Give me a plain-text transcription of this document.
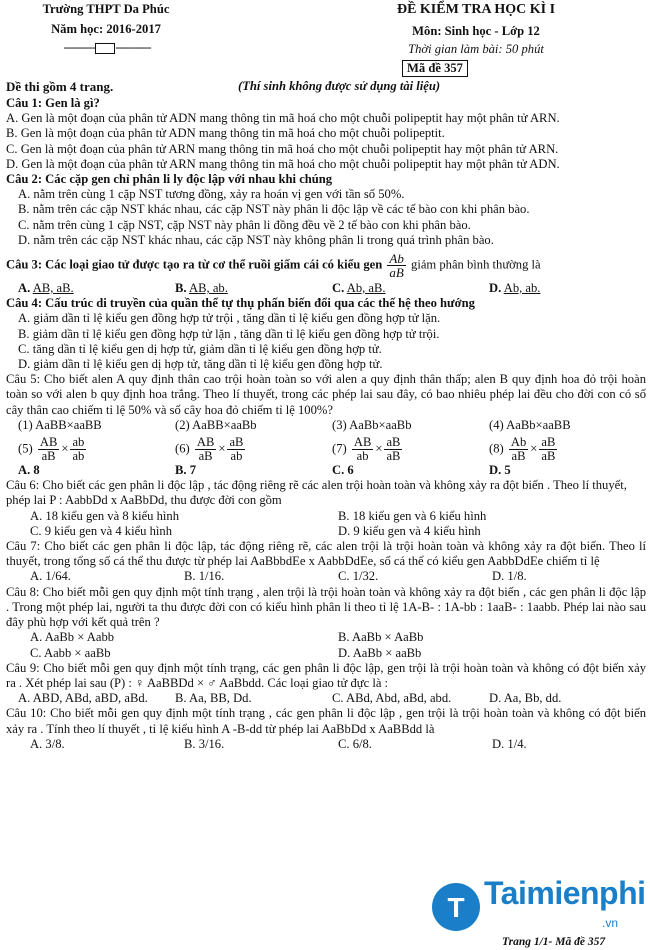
Trường THPT Da Phúc
Năm học: 2016-2017
---------- -----------
ĐỀ KIỂM TRA HỌC KÌ I
Môn: Sinh học - Lớp 12
Thời gian làm bài: 50 phút
Mã đề 357
Dề thi gồm 4 trang.	(Thí sinh không được sử dụng tài liệu)

Câu 1: Gen là gì?

A. Gen là một đoạn của phân tử ADN mang thông tin mã hoá cho một chuỗi polipeptit hay một phân tử ARN.

B. Gen là một đoạn của phân tử ADN mang thông tin mã hoá cho một chuỗi polipeptit.

C. Gen là một đoạn của phân tử ARN mang thông tin mã hoá cho một chuỗi polipeptit hay một phân tử ARN.

D. Gen là một đoạn của phân tử ARN mang thông tin mã hoá cho một chuỗi polipeptit hay một phân tử ADN.

Câu 2: Các cặp gen chỉ phân li ly độc lập với nhau khi chúng

A. nằm trên cùng 1 cặp NST tương đồng, xảy ra hoán vị gen với tần số 50%.

B. nằm trên các cặp NST khác nhau, các cặp NST này phân li độc lập về các tế bào con khi phân bào.

C. nằm trên cùng 1 cặp NST, cặp NST này phân li đồng đều về 2 tế bào con khi phân bào.

D. nằm trên các cặp NST khác nhau, các cặp NST này không phân li trong quá trình phân bào.

Câu 3: Các loại giao tử được tạo ra từ cơ thể ruồi giấm cái có kiểu gen $\frac{Ab}{aB}$ giảm phân bình thường là

A. AB, aB.	B. AB, ab.	C. Ab, aB.	D. Ab, ab.

Câu 4: Cấu trúc di truyền của quần thể tự thụ phấn biến đổi qua các thế hệ theo hướng

A. giảm dần tỉ lệ kiểu gen đồng hợp tử trội , tăng dần tỉ lệ kiểu gen đồng hợp tử lặn.

B. giảm dần tỉ lệ kiểu gen đồng hợp tử lặn , tăng dần tỉ lệ kiểu gen đồng hợp tử trội.

C. tăng dần tỉ lệ kiểu gen dị hợp tử, giảm dần tỉ lệ kiểu gen đồng hợp tử.

D. giảm dần tỉ lệ kiểu gen dị hợp tử, tăng dần tỉ lệ kiểu gen đồng hợp tử.

Câu 5: Cho biết alen A quy định thân cao trội hoàn toàn so với alen a quy định thân thấp; alen B quy định hoa đỏ trội hoàn toàn so với alen b quy định hoa trắng. Theo lí thuyết, trong các phép lai sau đây, có bao nhiêu phép lai đều cho đời con có số cây thân cao chiếm tỉ lệ 50% và số cây hoa đỏ chiếm tỉ lệ 100%?

(1) AaBB×aaBB	(2) AaBB×aaBb	(3) AaBb×aaBb	(4) AaBb×aaBB
$(5) \frac{AB}{aB} \times \frac{ab}{ab}$	$(6) \frac{AB}{aB} \times \frac{aB}{ab}$	$(7) \frac{AB}{ab} \times \frac{aB}{aB}$	$(8) \frac{Ab}{aB} \times \frac{aB}{aB}$
A. 8	B. 7	C. 6	D. 5

Câu 6: Cho biết các gen phân li độc lập , tác động riêng rẽ các alen trội hoàn toàn và không xảy ra đột biến . Theo lí thuyết, phép lai P : AabbDd x AaBbDd, thu được đời con gồm

A. 18 kiểu gen và 8 kiểu hình	B. 18 kiểu gen và 6 kiểu hình
C. 9 kiểu gen và 4 kiểu hình	D. 9 kiểu gen và 4 kiểu hình

Câu 7: Cho biết các gen phân li độc lập, tác động riêng rẽ, các alen trội là trội hoàn toàn và không xảy ra đột biến. Theo lí thuyết, trong tổng số cá thể thu được từ phép lai AaBbbdEe x AabbDdEe, số cá thể có kiểu gen AabbDdEe chiếm tỉ lệ

A. 1/64.	B. 1/16.	C. 1/32.	D. 1/8.

Câu 8: Cho biết mỗi gen quy định một tính trạng , alen trội là trội hoàn toàn và không xảy ra đột biến , các gen phân li độc lập . Trong một phép lai, người ta thu được đời con có kiểu hình phân li theo tỉ lệ 1A-B- : 1A-bb : 1aaB- : 1aabb. Phép lai nào sau đây phù hợp với kết quả trên ?

A. AaBb × Aabb	B. AaBb × AaBb
C. Aabb × aaBb	D. AaBb × aaBb

Câu 9: Cho biết mỗi gen quy định một tính trạng, các gen phân li độc lập, gen trội là trội hoàn toàn và không có đột biến xảy ra . Xét phép lai sau (P) : ♀ AaBBDd × ♂ AaBbdd. Các loại giao tử đực là :

A. ABD, ABd, aBD, aBd.	B. Aa, BB, Dd.	C. ABd, Abd, aBd, abd.	D. Aa, Bb, dd.

Câu 10: Cho biết mỗi gen quy định một tính trạng , các gen phân li độc lập , gen trội là trội hoàn toàn và không có đột biến xảy ra . Tính theo lí thuyết , tỉ lệ kiểu hình A -B-dd từ phép lai AaBbDd x AaBBdd là

A. 3/8.	B. 3/16.	C. 6/8.	D. 1/4.
T Taimienphi
.vn
Trang 1/1- Mã đề 357
